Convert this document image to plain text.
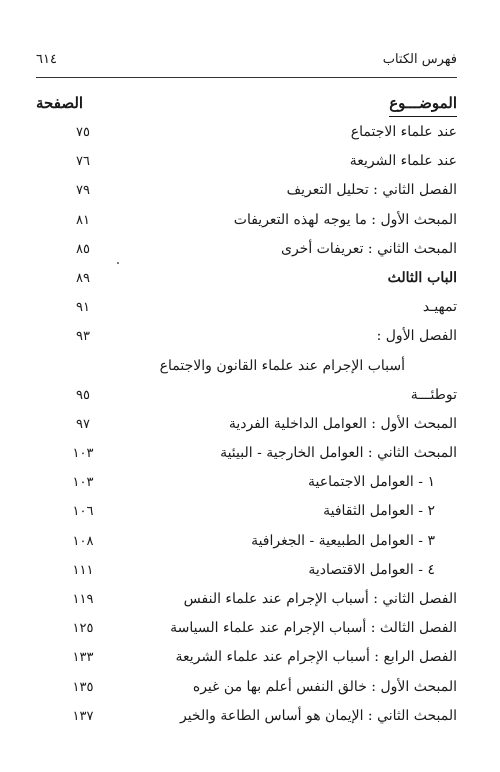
فهرس الكتاب
٦١٤
الموضـــوع
الصفحة
عند علماء الاجتماع
٧٥
عند علماء الشريعة
٧٦
الفصل الثاني : تحليل التعريف
٧٩
المبحث الأول : ما يوجه لهذه التعريفات
٨١
المبحث الثاني : تعريفات أخرى
٨٥
الباب الثالث
٨٩
تمهيـد
٩١
الفصل الأول :
٩٣
أسباب الإجرام عند علماء القانون والاجتماع
توطئـــة
٩٥
المبحث الأول : العوامل الداخلية الفردية
٩٧
المبحث الثاني : العوامل الخارجية - البيئية
١٠٣
١ - العوامل الاجتماعية
١٠٣
٢ - العوامل الثقافية
١٠٦
٣ - العوامل الطبيعية - الجغرافية
١٠٨
٤ - العوامل الاقتصادية
١١١
الفصل الثاني : أسباب الإجرام عند علماء النفس
١١٩
الفصل الثالث : أسباب الإجرام عند علماء السياسة
١٢٥
الفصل الرابع : أسباب الإجرام عند علماء الشريعة
١٣٣
المبحث الأول : خالق النفس أعلم بها من غيره
١٣٥
المبحث الثاني : الإيمان هو أساس الطاعة والخير
١٣٧
